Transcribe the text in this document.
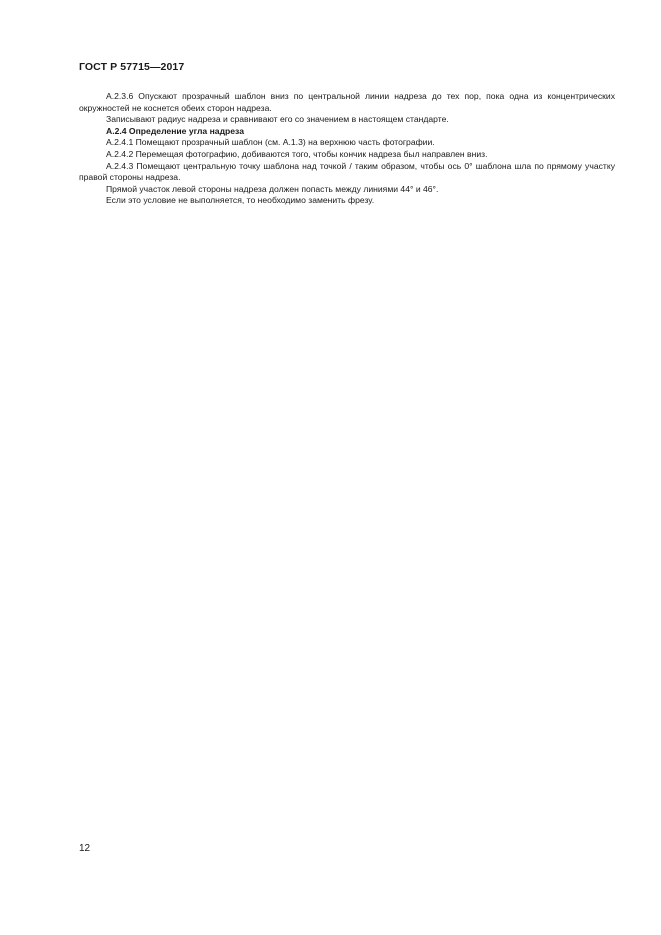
ГОСТ Р 57715—2017

А.2.3.6 Опускают прозрачный шаблон вниз по центральной линии надреза до тех пор, пока одна из концентрических окружностей не коснется обеих сторон надреза.

Записывают радиус надреза и сравнивают его со значением в настоящем стандарте.

А.2.4 Определение угла надреза

А.2.4.1 Помещают прозрачный шаблон (см. А.1.3) на верхнюю часть фотографии.

А.2.4.2 Перемещая фотографию, добиваются того, чтобы кончик надреза был направлен вниз.

А.2.4.3 Помещают центральную точку шаблона над точкой / таким образом, чтобы ось 0° шаблона шла по прямому участку правой стороны надреза.

Прямой участок левой стороны надреза должен попасть между линиями 44° и 46°.

Если это условие не выполняется, то необходимо заменить фрезу.

12
